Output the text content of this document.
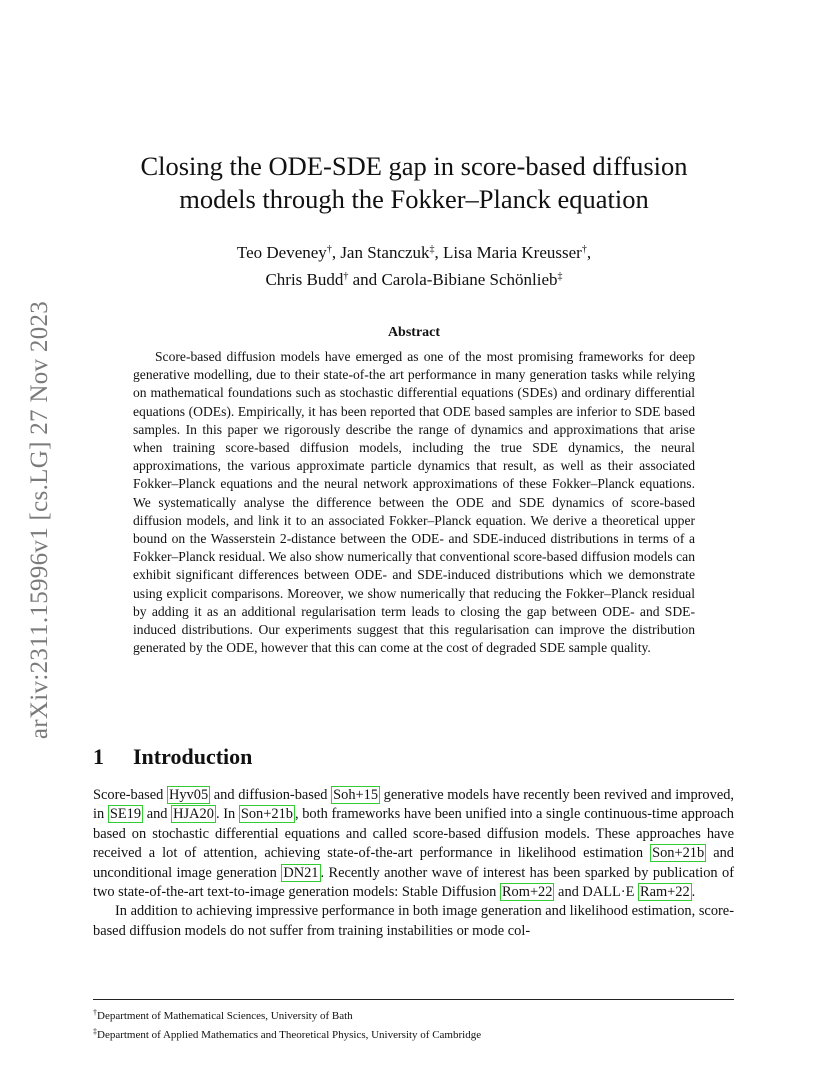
arXiv:2311.15996v1 [cs.LG] 27 Nov 2023
Closing the ODE-SDE gap in score-based diffusion
models through the Fokker–Planck equation
Teo Deveney†, Jan Stanczuk‡, Lisa Maria Kreusser†,
Chris Budd† and Carola-Bibiane Schönlieb‡
Abstract

Score-based diffusion models have emerged as one of the most promising frameworks for deep generative modelling, due to their state-of-the art performance in many generation tasks while relying on mathematical foundations such as stochastic differential equations (SDEs) and ordinary differential equations (ODEs). Empirically, it has been reported that ODE based samples are inferior to SDE based samples. In this paper we rigorously describe the range of dynamics and approximations that arise when training score-based diffusion models, including the true SDE dynamics, the neural approximations, the various approximate particle dynamics that result, as well as their associated Fokker–Planck equations and the neural network approximations of these Fokker–Planck equations. We systematically analyse the difference between the ODE and SDE dynamics of score-based diffusion models, and link it to an associated Fokker–Planck equation. We derive a theoretical upper bound on the Wasserstein 2-distance between the ODE- and SDE-induced distributions in terms of a Fokker–Planck residual. We also show numerically that conventional score-based diffusion models can exhibit significant differences between ODE- and SDE-induced distributions which we demonstrate using explicit comparisons. Moreover, we show numerically that reducing the Fokker–Planck residual by adding it as an additional regularisation term leads to closing the gap between ODE- and SDE-induced distributions. Our experiments suggest that this regularisation can improve the distribution generated by the ODE, however that this can come at the cost of degraded SDE sample quality.

1 Introduction

Score-based Hyv05 and diffusion-based Soh+15 generative models have recently been revived and improved, in SE19 and HJA20 . In Son+21b , both frameworks have been unified into a single continuous-time approach based on stochastic differential equations and called score-based diffusion models. These approaches have received a lot of attention, achieving state-of-the-art performance in likelihood estimation Son+21b and unconditional image generation DN21 . Recently another wave of interest has been sparked by publication of two state-of-the-art text-to-image generation models: Stable Diffusion Rom+22 and DALL·E Ram+22 .

In addition to achieving impressive performance in both image generation and likelihood estimation, score-based diffusion models do not suffer from training instabilities or mode col-

†Department of Mathematical Sciences, University of Bath
‡Department of Applied Mathematics and Theoretical Physics, University of Cambridge
